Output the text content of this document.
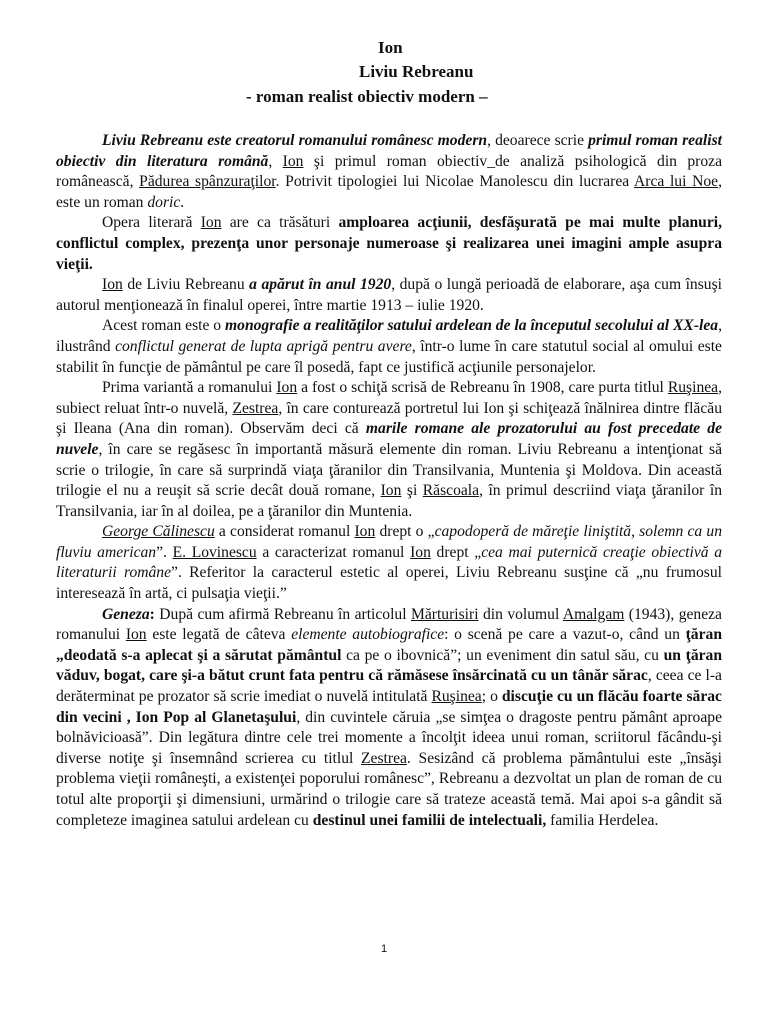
Ion
Liviu Rebreanu
- roman realist obiectiv modern –

Liviu Rebreanu este creatorul romanului românesc modern, deoarece scrie primul roman realist obiectiv din literatura română, Ion şi primul roman obiectiv_de analiză psihologică din proza românească, Pădurea spânzuraţilor. Potrivit tipologiei lui Nicolae Manolescu din lucrarea Arca lui Noe, este un roman doric.

Opera literară Ion are ca trăsături amploarea acţiunii, desfăşurată pe mai multe planuri, conflictul complex, prezenţa unor personaje numeroase şi realizarea unei imagini ample asupra vieţii.

Ion de Liviu Rebreanu a apărut în anul 1920, după o lungă perioadă de elaborare, aşa cum însuşi autorul menţionează în finalul operei, între martie 1913 – iulie 1920.

Acest roman este o monografie a realităţilor satului ardelean de la începutul secolului al XX-lea, ilustrând conflictul generat de lupta aprigă pentru avere, într-o lume în care statutul social al omului este stabilit în funcţie de pământul pe care îl posedă, fapt ce justifică acţiunile personajelor.

Prima variantă a romanului Ion a fost o schiţă scrisă de Rebreanu în 1908, care purta titlul Ruşinea, subiect reluat într-o nuvelă, Zestrea, în care conturează portretul lui Ion şi schiţează înălnirea dintre flăcău şi Ileana (Ana din roman). Observăm deci că marile romane ale prozatorului au fost precedate de nuvele, în care se regăsesc în importantă măsură elemente din roman. Liviu Rebreanu a intenţionat să scrie o trilogie, în care să surprindă viaţa ţăranilor din Transilvania, Muntenia şi Moldova. Din această trilogie el nu a reuşit să scrie decât două romane, Ion şi Răscoala, în primul descriind viaţa ţăranilor în Transilvania, iar în al doilea, pe a ţăranilor din Muntenia.

George Călinescu a considerat romanul Ion drept o „capodoperă de măreţie liniştită, solemn ca un fluviu american”. E. Lovinescu a caracterizat romanul Ion drept „cea mai puternică creaţie obiectivă a literaturii române”. Referitor la caracterul estetic al operei, Liviu Rebreanu susţine că „nu frumosul interesează în artă, ci pulsaţia vieţii.”

Geneza: După cum afirmă Rebreanu în articolul Mărturisiri din volumul Amalgam (1943), geneza romanului Ion este legată de câteva elemente autobiografice: o scenă pe care a vazut-o, când un ţăran „deodată s-a aplecat şi a sărutat pământul ca pe o ibovnică”; un eveniment din satul său, cu un ţăran văduv, bogat, care şi-a bătut crunt fata pentru că rămăsese însărcinată cu un tânăr sărac, ceea ce l-a derăterminat pe prozator să scrie imediat o nuvelă intitulată Ruşinea; o discuţie cu un flăcău foarte sărac din vecini , Ion Pop al Glanetaşului, din cuvintele căruia „se simţea o dragoste pentru pământ aproape bolnăvicioasă”. Din legătura dintre cele trei momente a încolţit ideea unui roman, scriitorul făcându-şi diverse notiţe şi însemnând scrierea cu titlul Zestrea. Sesizând că problema pământului este „însăşi problema vieţii româneşti, a existenţei poporului românesc”, Rebreanu a dezvoltat un plan de roman de cu totul alte proporţii şi dimensiuni, urmărind o trilogie care să trateze această temă. Mai apoi s-a gândit să completeze imaginea satului ardelean cu destinul unei familii de intelectuali, familia Herdelea.

1
